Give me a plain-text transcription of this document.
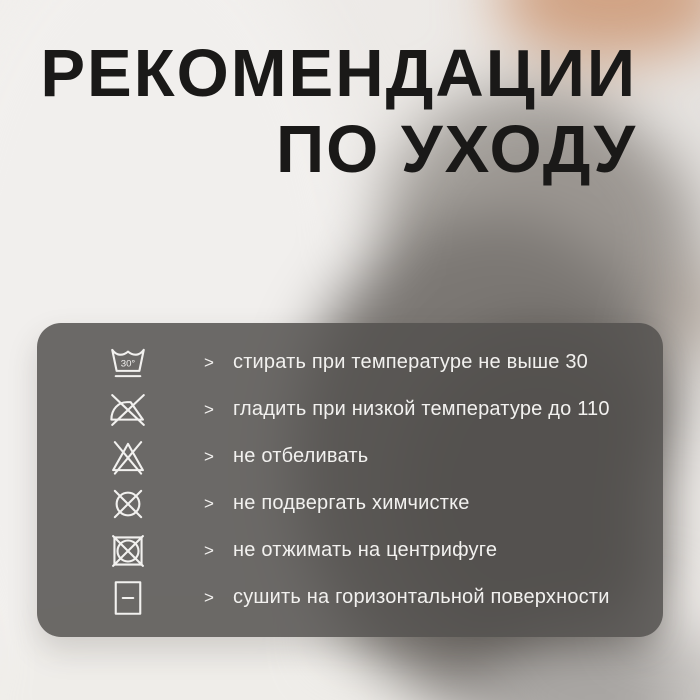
РЕКОМЕНДАЦИИ
ПО УХОДУ
30°	> стирать при температуре не выше 30
> гладить при низкой температуре до 110
> не отбеливать
> не подвергать химчистке
> не отжимать на центрифуге
> сушить на горизонтальной поверхности
